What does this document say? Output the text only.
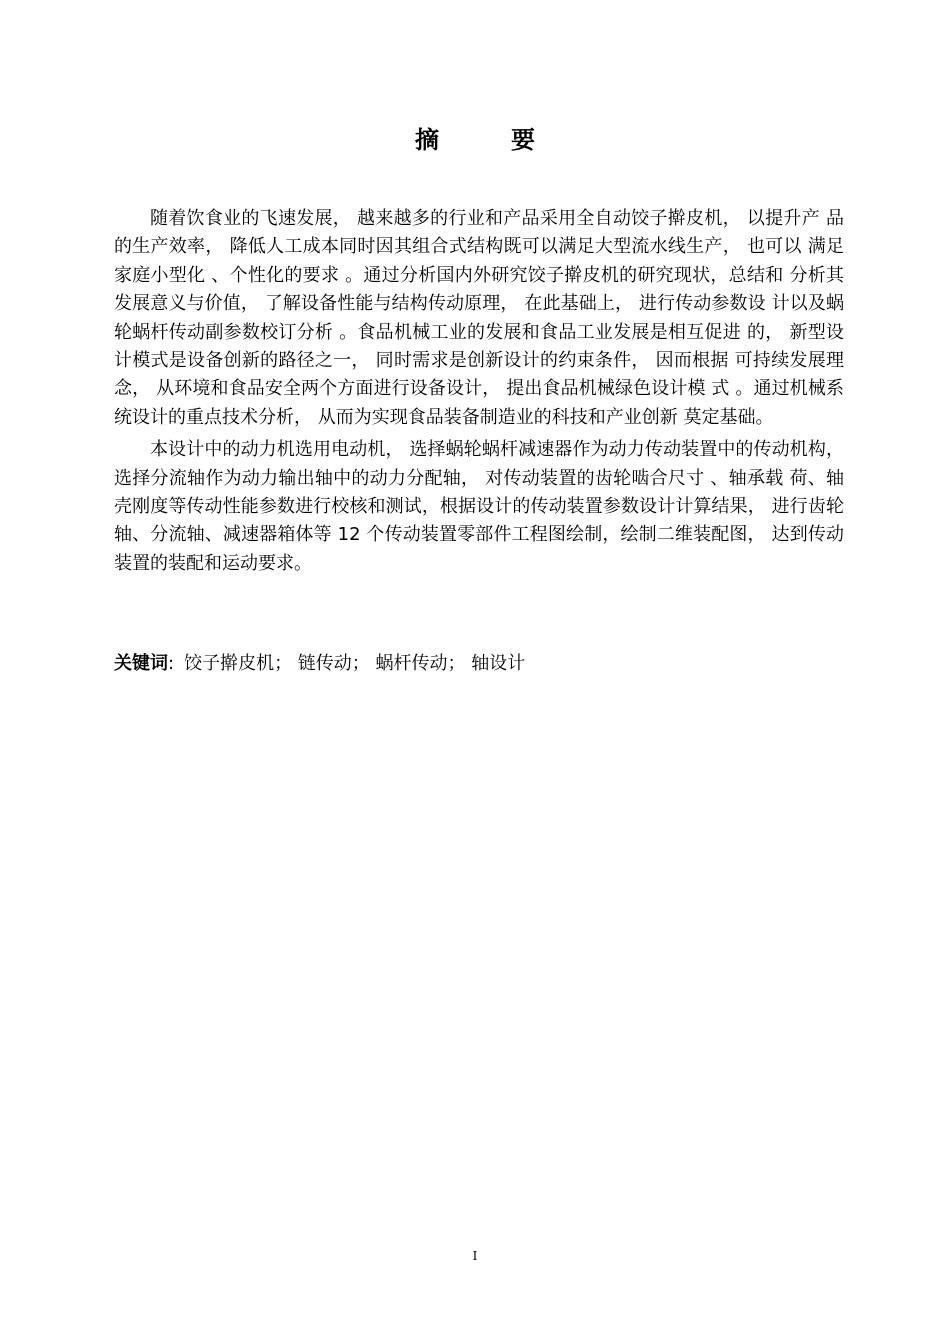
摘　要

随着饮食业的飞速发展， 越来越多的行业和产品采用全自动饺子擀皮机， 以提升产 品的生产效率， 降低人工成本同时因其组合式结构既可以满足大型流水线生产， 也可以 满足家庭小型化 、个性化的要求 。通过分析国内外研究饺子擀皮机的研究现状，总结和 分析其发展意义与价值， 了解设备性能与结构传动原理， 在此基础上， 进行传动参数设 计以及蜗轮蜗杆传动副参数校订分析 。食品机械工业的发展和食品工业发展是相互促进 的， 新型设计模式是设备创新的路径之一， 同时需求是创新设计的约束条件， 因而根据 可持续发展理念， 从环境和食品安全两个方面进行设备设计， 提出食品机械绿色设计模 式 。通过机械系统设计的重点技术分析， 从而为实现食品装备制造业的科技和产业创新 莫定基础。

本设计中的动力机选用电动机， 选择蜗轮蜗杆减速器作为动力传动装置中的传动机构， 选择分流轴作为动力输出轴中的动力分配轴， 对传动装置的齿轮啮合尺寸 、轴承载 荷、轴壳刚度等传动性能参数进行校核和测试，根据设计的传动装置参数设计计算结果， 进行齿轮轴、分流轴、减速器箱体等 12 个传动装置零部件工程图绘制，绘制二维装配图， 达到传动装置的装配和运动要求。

关键词: 饺子擀皮机； 链传动； 蜗杆传动； 轴设计
I
